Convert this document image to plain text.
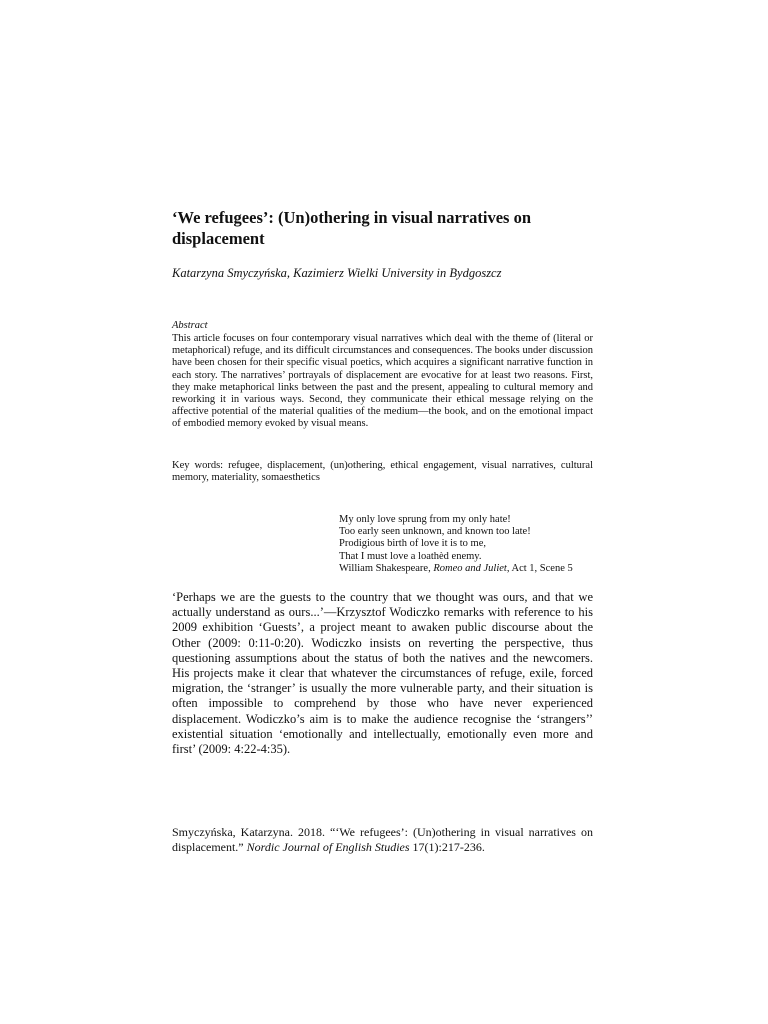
‘We refugees’: (Un)othering in visual narratives on displacement
Katarzyna Smyczyńska, Kazimierz Wielki University in Bydgoszcz
Abstract

This article focuses on four contemporary visual narratives which deal with the theme of (literal or metaphorical) refuge, and its difficult circumstances and consequences. The books under discussion have been chosen for their specific visual poetics, which acquires a significant narrative function in each story. The narratives’ portrayals of displacement are evocative for at least two reasons. First, they make metaphorical links between the past and the present, appealing to cultural memory and reworking it in various ways. Second, they communicate their ethical message relying on the affective potential of the material qualities of the medium—the book, and on the emotional impact of embodied memory evoked by visual means.

Key words: refugee, displacement, (un)othering, ethical engagement, visual narratives, cultural memory, materiality, somaesthetics

My only love sprung from my only hate!
Too early seen unknown, and known too late!
Prodigious birth of love it is to me,
That I must love a loathèd enemy.
William Shakespeare, Romeo and Juliet, Act 1, Scene 5

‘Perhaps we are the guests to the country that we thought was ours, and that we actually understand as ours...’—Krzysztof Wodiczko remarks with reference to his 2009 exhibition ‘Guests’, a project meant to awaken public discourse about the Other (2009: 0:11-0:20). Wodiczko insists on reverting the perspective, thus questioning assumptions about the status of both the natives and the newcomers. His projects make it clear that whatever the circumstances of refuge, exile, forced migration, the ‘stranger’ is usually the more vulnerable party, and their situation is often impossible to comprehend by those who have never experienced displacement. Wodiczko’s aim is to make the audience recognise the ‘strangers’’ existential situation ‘emotionally and intellectually, emotionally even more and first’ (2009: 4:22-4:35).

Smyczyńska, Katarzyna. 2018. “‘We refugees’: (Un)othering in visual narratives on displacement.” Nordic Journal of English Studies 17(1):217-236.
